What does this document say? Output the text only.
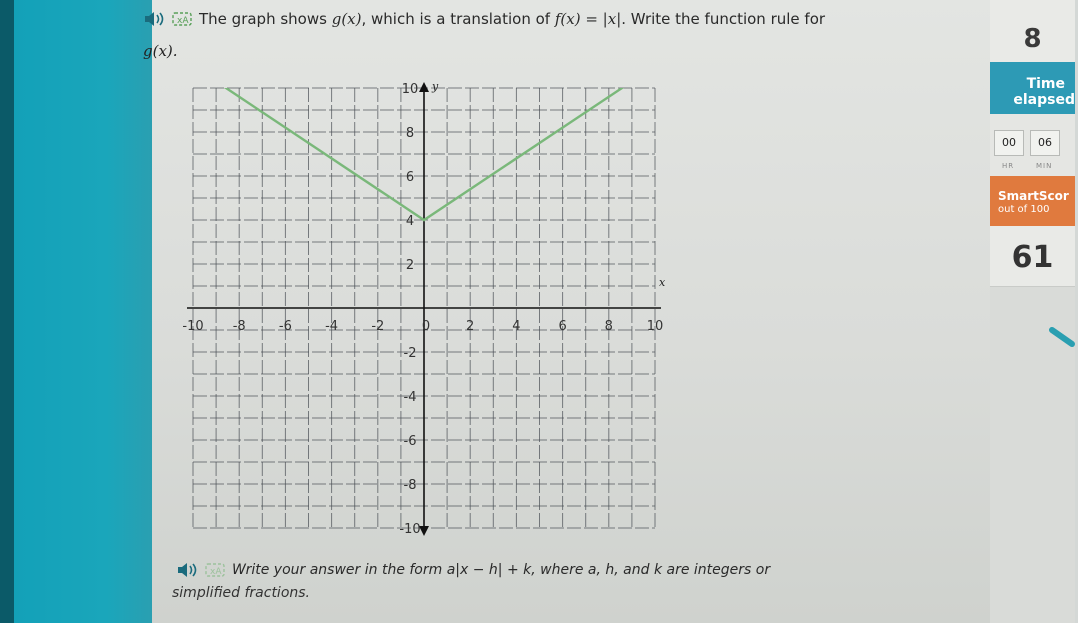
xA The graph shows g(x), which is a translation of f(x) = |x|. Write the function rule for
g(x).
x
y
-10 -8	-6	-4	-2	0	2	4	6	8	10
10
8
6
4
2
-2
-4
-6
-8
-10
xA Write your answer in the form a|x − h| + k, where a, h, and k are integers or
simplified fractions.
8
Time
elapsed
00	06
HR	MIN
SmartScor
out of 100
61
